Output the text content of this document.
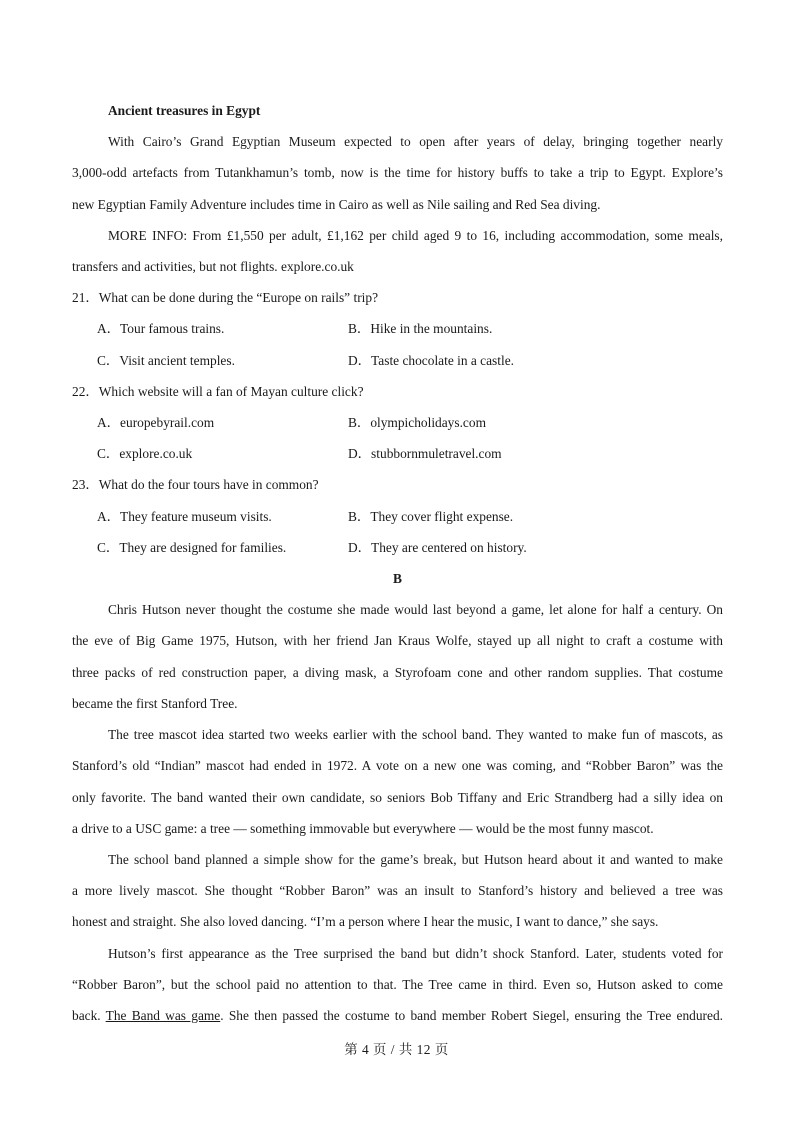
Ancient treasures in Egypt
With Cairo’s Grand Egyptian Museum expected to open after years of delay, bringing together nearly
3,000-odd artefacts from Tutankhamun’s tomb, now is the time for history buffs to take a trip to Egypt. Explore’s
new Egyptian Family Adventure includes time in Cairo as well as Nile sailing and Red Sea diving.
MORE INFO: From £1,550 per adult, £1,162 per child aged 9 to 16, including accommodation, some meals,
transfers and activities, but not flights. explore.co.uk
21．What can be done during the “Europe on rails” trip?
A．Tour famous trains.	B．Hike in the mountains.
C．Visit ancient temples.	D．Taste chocolate in a castle.
22．Which website will a fan of Mayan culture click?
A．europebyrail.com	B．olympicholidays.com
C．explore.co.uk	D．stubbornmuletravel.com
23．What do the four tours have in common?
A．They feature museum visits.	B．They cover flight expense.
C．They are designed for families.	D．They are centered on history.
B
Chris Hutson never thought the costume she made would last beyond a game, let alone for half a century. On
the eve of Big Game 1975, Hutson, with her friend Jan Kraus Wolfe, stayed up all night to craft a costume with
three packs of red construction paper, a diving mask, a Styrofoam cone and other random supplies. That costume
became the first Stanford Tree.
The tree mascot idea started two weeks earlier with the school band. They wanted to make fun of mascots, as
Stanford’s old “Indian” mascot had ended in 1972. A vote on a new one was coming, and “Robber Baron” was the
only favorite. The band wanted their own candidate, so seniors Bob Tiffany and Eric Strandberg had a silly idea on
a drive to a USC game: a tree — something immovable but everywhere — would be the most funny mascot.
The school band planned a simple show for the game’s break, but Hutson heard about it and wanted to make
a more lively mascot. She thought “Robber Baron” was an insult to Stanford’s history and believed a tree was
honest and straight. She also loved dancing. “I’m a person where I hear the music, I want to dance,” she says.
Hutson’s first appearance as the Tree surprised the band but didn’t shock Stanford. Later, students voted for
“Robber Baron”, but the school paid no attention to that. The Tree came in third. Even so, Hutson asked to come
back. The Band was game. She then passed the costume to band member Robert Siegel, ensuring the Tree endured.
第 4 页 / 共 12 页
